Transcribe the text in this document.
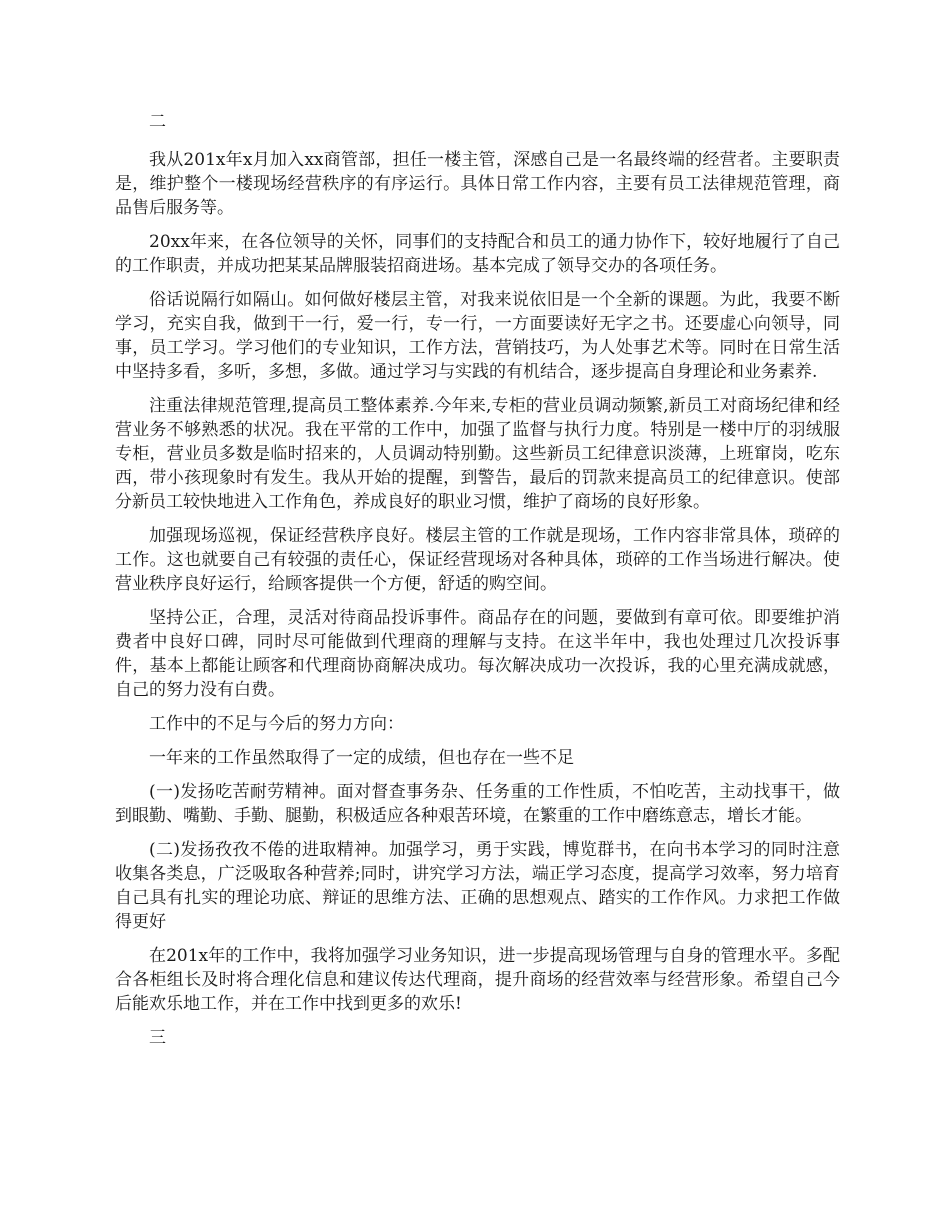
二

我从201x年x月加入xx商管部，担任一楼主管，深感自己是一名最终端的经营者。主要职责是，维护整个一楼现场经营秩序的有序运行。具体日常工作内容，主要有员工法律规范管理，商品售后服务等。

20xx年来，在各位领导的关怀，同事们的支持配合和员工的通力协作下，较好地履行了自己的工作职责，并成功把某某品牌服装招商进场。基本完成了领导交办的各项任务。

俗话说隔行如隔山。如何做好楼层主管，对我来说依旧是一个全新的课题。为此，我要不断学习，充实自我，做到干一行，爱一行，专一行，一方面要读好无字之书。还要虚心向领导，同事，员工学习。学习他们的专业知识，工作方法，营销技巧，为人处事艺术等。同时在日常生活中坚持多看，多听，多想，多做。通过学习与实践的有机结合，逐步提高自身理论和业务素养.

注重法律规范管理,提高员工整体素养.今年来,专柜的营业员调动频繁,新员工对商场纪律和经营业务不够熟悉的状况。我在平常的工作中，加强了监督与执行力度。特别是一楼中厅的羽绒服专柜，营业员多数是临时招来的，人员调动特别勤。这些新员工纪律意识淡薄，上班窜岗，吃东西，带小孩现象时有发生。我从开始的提醒，到警告，最后的罚款来提高员工的纪律意识。使部分新员工较快地进入工作角色，养成良好的职业习惯，维护了商场的良好形象。

加强现场巡视，保证经营秩序良好。楼层主管的工作就是现场，工作内容非常具体，琐碎的工作。这也就要自己有较强的责任心，保证经营现场对各种具体，琐碎的工作当场进行解决。使营业秩序良好运行，给顾客提供一个方便，舒适的购空间。

坚持公正，合理，灵活对待商品投诉事件。商品存在的问题，要做到有章可依。即要维护消费者中良好口碑，同时尽可能做到代理商的理解与支持。在这半年中，我也处理过几次投诉事件，基本上都能让顾客和代理商协商解决成功。每次解决成功一次投诉，我的心里充满成就感，自己的努力没有白费。

工作中的不足与今后的努力方向：

一年来的工作虽然取得了一定的成绩，但也存在一些不足

(一)发扬吃苦耐劳精神。面对督查事务杂、任务重的工作性质，不怕吃苦，主动找事干，做到眼勤、嘴勤、手勤、腿勤，积极适应各种艰苦环境，在繁重的工作中磨练意志，增长才能。

(二)发扬孜孜不倦的进取精神。加强学习，勇于实践，博览群书，在向书本学习的同时注意收集各类息，广泛吸取各种营养;同时，讲究学习方法，端正学习态度，提高学习效率，努力培育自己具有扎实的理论功底、辩证的思维方法、正确的思想观点、踏实的工作作风。力求把工作做得更好

在201x年的工作中，我将加强学习业务知识，进一步提高现场管理与自身的管理水平。多配合各柜组长及时将合理化信息和建议传达代理商，提升商场的经营效率与经营形象。希望自己今后能欢乐地工作，并在工作中找到更多的欢乐!

三
